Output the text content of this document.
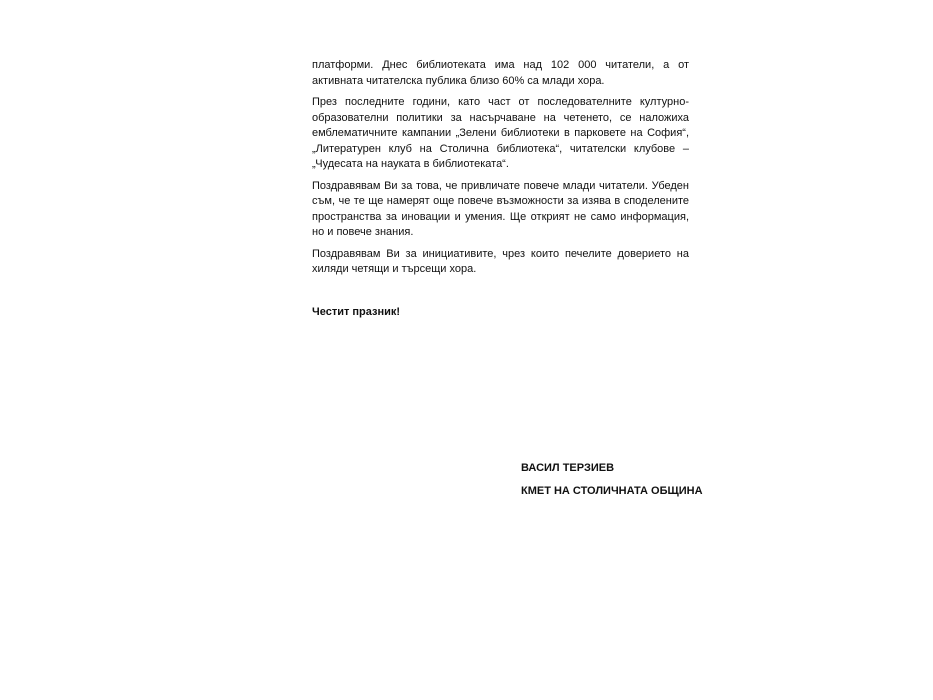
платформи. Днес библиотеката има над 102 000 читатели, а от активната читателска публика близо 60% са млади хора.

През последните години, като част от последователните културно-образователни политики за насърчаване на четенето, се наложиха емблематичните кампании „Зелени библиотеки в парковете на София“, „Литературен клуб на Столична библиотека“, читателски клубове – „Чудесата на науката в библиотеката“.

Поздравявам Ви за това, че привличате повече млади читатели. Убеден съм, че те ще намерят още повече възможности за изява в споделените пространства за иновации и умения. Ще открият не само информация, но и повече знания.

Поздравявам Ви за инициативите, чрез които печелите доверието на хиляди четящи и търсещи хора.

Честит празник!
ВАСИЛ ТЕРЗИЕВ
КМЕТ НА СТОЛИЧНАТА ОБЩИНА
